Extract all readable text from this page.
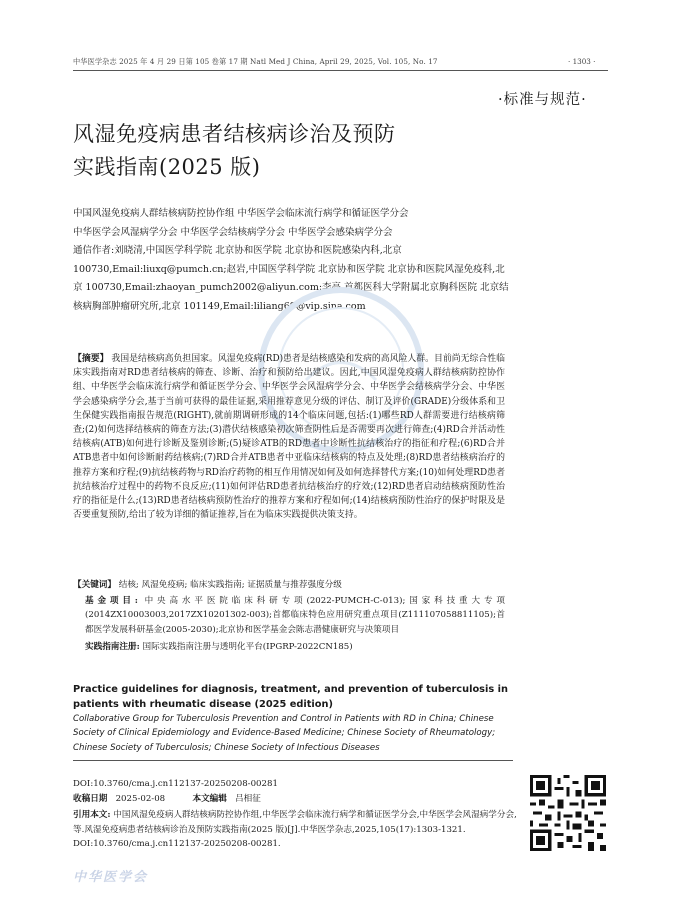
中华医学杂志 2025 年 4 月 29 日第 105 卷第 17 期 Natl Med J China, April 29, 2025, Vol. 105, No. 17	· 1303 ·
·标准与规范·
风湿免疫病患者结核病诊治及预防
实践指南(2025 版)

中国风湿免疫病人群结核病防控协作组 中华医学会临床流行病学和循证医学分会

中华医学会风湿病学分会 中华医学会结核病学分会 中华医学会感染病学分会

通信作者:刘晓清,中国医学科学院 北京协和医学院 北京协和医院感染内科,北京 100730,Email:liuxq@pumch.cn;赵岩,中国医学科学院 北京协和医学院 北京协和医院风湿免疫科,北京 100730,Email:zhaoyan_pumch2002@aliyun.com;李亮,首都医科大学附属北京胸科医院 北京结核病胸部肿瘤研究所,北京 101149,Email:liliang69@vip.sina.com

【摘要】 我国是结核病高负担国家。风湿免疫病(RD)患者是结核感染和发病的高风险人群。目前尚无综合性临床实践指南对RD患者结核病的筛查、诊断、治疗和预防给出建议。因此,中国风湿免疫病人群结核病防控协作组、中华医学会临床流行病学和循证医学分会、中华医学会风湿病学分会、中华医学会结核病学分会、中华医学会感染病学分会,基于当前可获得的最佳证据,采用推荐意见分级的评估、制订及评价(GRADE)分级体系和卫生保健实践指南报告规范(RIGHT),就前期调研形成的14个临床问题,包括:(1)哪些RD人群需要进行结核病筛查;(2)如何选择结核病的筛查方法;(3)潜伏结核感染初次筛查阴性后是否需要再次进行筛查;(4)RD合并活动性结核病(ATB)如何进行诊断及鉴别诊断;(5)疑诊ATB的RD患者中诊断性抗结核治疗的指征和疗程;(6)RD合并ATB患者中如何诊断耐药结核病;(7)RD合并ATB患者中亚临床结核病的特点及处理;(8)RD患者结核病治疗的推荐方案和疗程;(9)抗结核药物与RD治疗药物的相互作用情况如何及如何选择替代方案;(10)如何处理RD患者抗结核治疗过程中的药物不良反应;(11)如何评估RD患者抗结核治疗的疗效;(12)RD患者启动结核病预防性治疗的指征是什么;(13)RD患者结核病预防性治疗的推荐方案和疗程如何;(14)结核病预防性治疗的保护时限及是否要重复预防,给出了较为详细的循证推荐,旨在为临床实践提供决策支持。
【关键词】 结核; 风湿免疫病; 临床实践指南; 证据质量与推荐强度分级
基金项目: 中央高水平医院临床科研专项(2022-PUMCH-C-013);国家科技重大专项(2014ZX10003003,2017ZX10201302-003);首都临床特色应用研究重点项目(Z111107058811105);首都医学发展科研基金(2005-2030);北京协和医学基金会陈志潜健康研究与决策项目
实践指南注册: 国际实践指南注册与透明化平台(IPGRP-2022CN185)
Practice guidelines for diagnosis, treatment, and prevention of tuberculosis in patients with rheumatic disease (2025 edition)
Collaborative Group for Tuberculosis Prevention and Control in Patients with RD in China; Chinese Society of Clinical Epidemiology and Evidence-Based Medicine; Chinese Society of Rheumatology; Chinese Society of Tuberculosis; Chinese Society of Infectious Diseases
DOI:10.3760/cma.j.cn112137-20250208-00281
收稿日期 2025-02-08	本文编辑 吕相征
引用本文: 中国风湿免疫病人群结核病防控协作组,中华医学会临床流行病学和循证医学分会,中华医学会风湿病学分会,等.风湿免疫病患者结核病诊治及预防实践指南(2025 版)[J].中华医学杂志,2025,105(17):1303-1321. DOI:10.3760/cma.j.cn112137-20250208-00281.
中华医学会
